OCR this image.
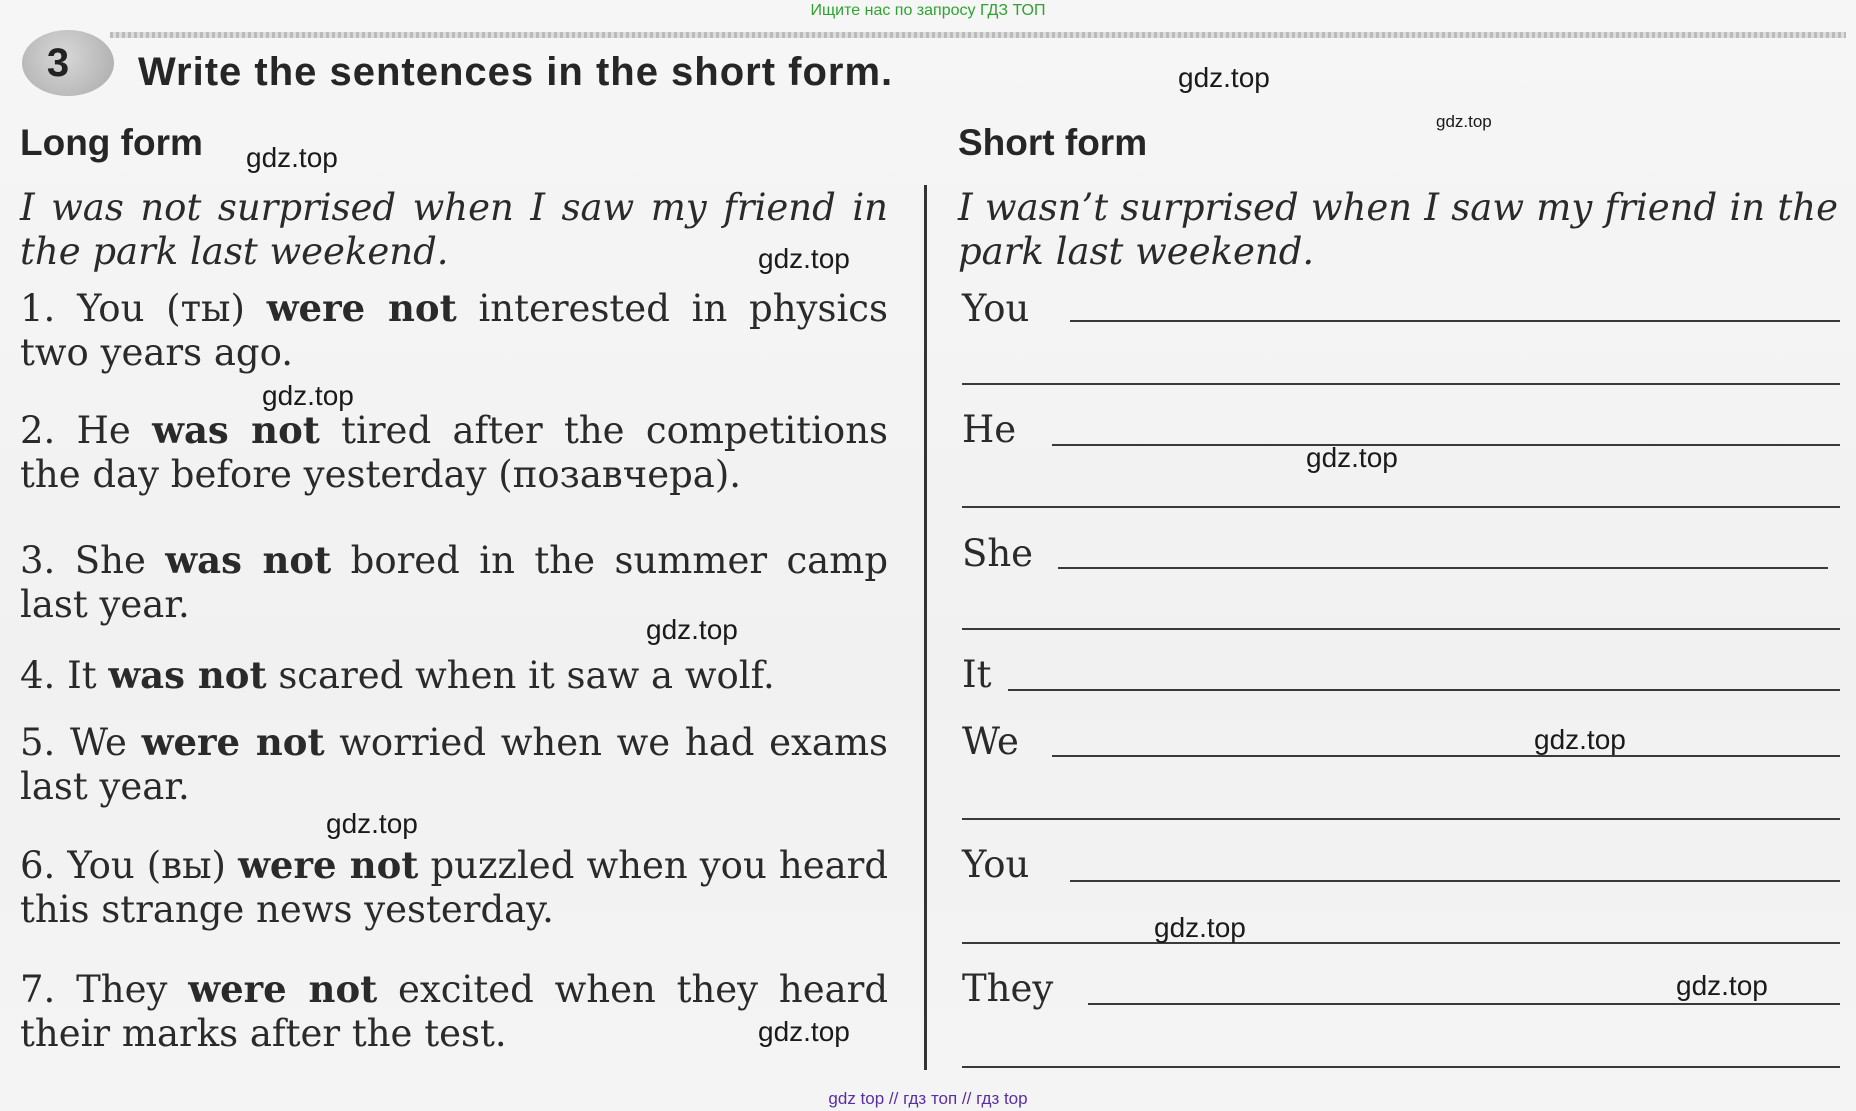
Ищите нас по запросу ГДЗ ТОП
3	Write the sentences in the short form.
Long form	Short form

I was not surprised when I saw my friend in the park last weekend.

1. You (ты) were not interested in physics two years ago.

2. He was not tired after the competitions the day before yesterday (позавчера).

3. She was not bored in the summer camp last year.

4. It was not scared when it saw a wolf.

5. We were not worried when we had exams last year.

6. You (вы) were not puzzled when you heard this strange news yesterday.

7. They were not excited when they heard their marks after the test.

I wasn’t surprised when I saw my friend in the park last weekend.

You
He
She
It
We
You
They
gdz.top
gdz.top
gdz.top
gdz.top
gdz.top
gdz.top
gdz.top
gdz.top
gdz.top
gdz.top
gdz.top
gdz.top
gdz top // гдз топ // гдз top
